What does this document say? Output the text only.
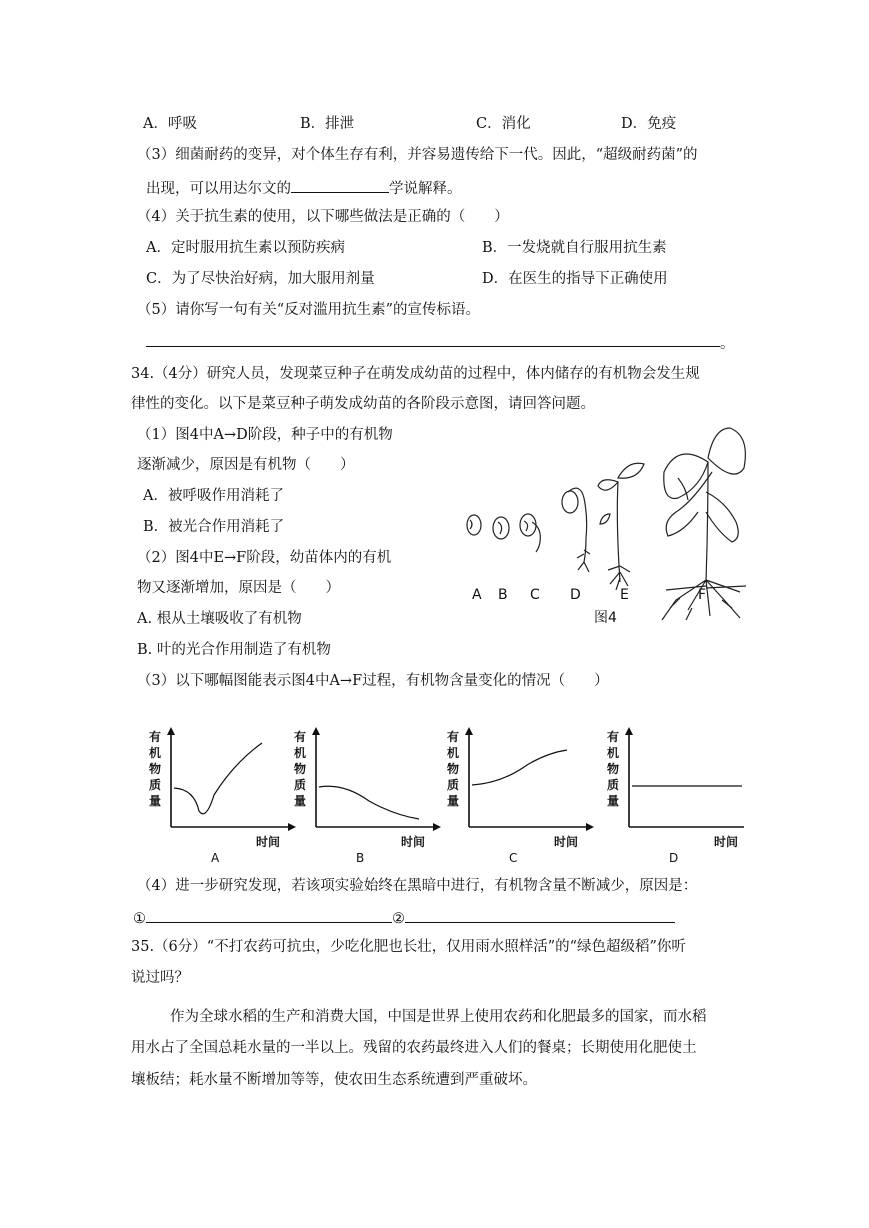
A．呼吸	B．排泄	C．消化	D．免疫
（3）细菌耐药的变异，对个体生存有利，并容易遗传给下一代。因此，“超级耐药菌”的
出现，可以用达尔文的	学说解释。
（4）关于抗生素的使用，以下哪些做法是正确的（　　）
A．定时服用抗生素以预防疾病	B．一发烧就自行服用抗生素
C．为了尽快治好病，加大服用剂量	D．在医生的指导下正确使用
（5）请你写一句有关“反对滥用抗生素”的宣传标语。
。
34.（4分）研究人员，发现菜豆种子在萌发成幼苗的过程中，体内储存的有机物会发生规
律性的变化。以下是菜豆种子萌发成幼苗的各阶段示意图，请回答问题。
（1）图4中A→D阶段，种子中的有机物
逐渐减少，原因是有机物（　　）
A．被呼吸作用消耗了
B．被光合作用消耗了
（2）图4中E→F阶段，幼苗体内的有机
物又逐渐增加，原因是（　　）
A. 根从土壤吸收了有机物
B. 叶的光合作用制造了有机物
A B C D	E	F
图4
（3）以下哪幅图能表示图4中A→F过程，有机物含量变化的情况（　　）
有
机
物
质
量
时间
A
有
机
物
质
量
时间
B
有
机
物
质
量
时间
C
有
机
物
质
量
时间
D
（4）进一步研究发现，若该项实验始终在黑暗中进行，有机物含量不断减少，原因是：
①	②
35.（6分）“不打农药可抗虫，少吃化肥也长壮，仅用雨水照样活”的“绿色超级稻”你听
说过吗？
作为全球水稻的生产和消费大国，中国是世界上使用农药和化肥最多的国家，而水稻
用水占了全国总耗水量的一半以上。残留的农药最终进入人们的餐桌；长期使用化肥使土
壤板结；耗水量不断增加等等，使农田生态系统遭到严重破坏。
